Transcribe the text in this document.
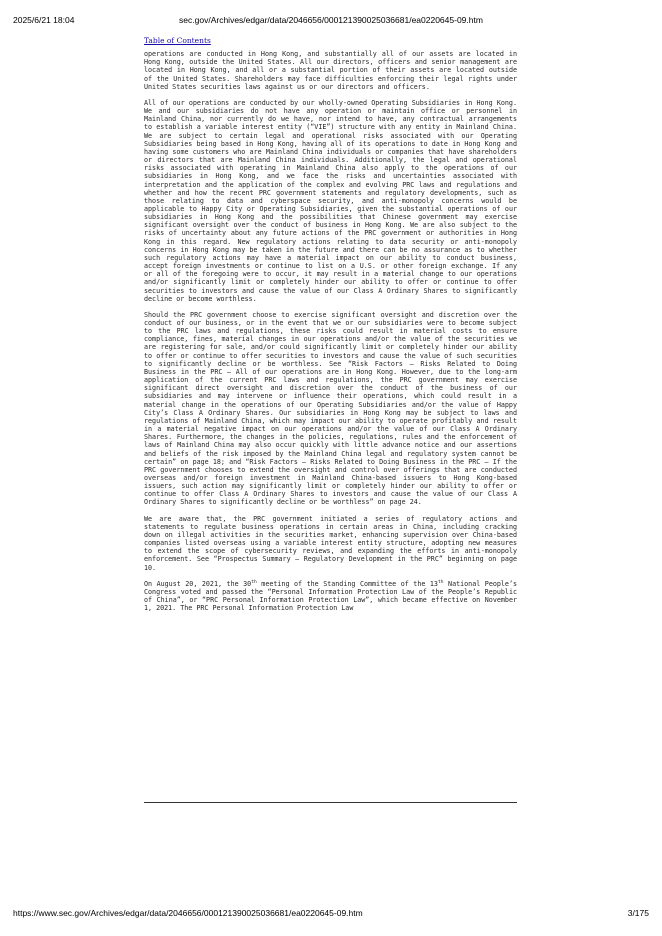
2025/6/21 18:04	sec.gov/Archives/edgar/data/2046656/000121390025036681/ea0220645-09.htm
Table of Contents

operations are conducted in Hong Kong, and substantially all of our assets are located in Hong Kong, outside the United States. All our directors, officers and senior management are located in Hong Kong, and all or a substantial portion of their assets are located outside of the United States. Shareholders may face difficulties enforcing their legal rights under United States securities laws against us or our directors and officers.

All of our operations are conducted by our wholly-owned Operating Subsidiaries in Hong Kong. We and our subsidiaries do not have any operation or maintain office or personnel in Mainland China, nor currently do we have, nor intend to have, any contractual arrangements to establish a variable interest entity (“VIE”) structure with any entity in Mainland China. We are subject to certain legal and operational risks associated with our Operating Subsidiaries being based in Hong Kong, having all of its operations to date in Hong Kong and having some customers who are Mainland China individuals or companies that have shareholders or directors that are Mainland China individuals. Additionally, the legal and operational risks associated with operating in Mainland China also apply to the operations of our subsidiaries in Hong Kong, and we face the risks and uncertainties associated with interpretation and the application of the complex and evolving PRC laws and regulations and whether and how the recent PRC government statements and regulatory developments, such as those relating to data and cyberspace security, and anti-monopoly concerns would be applicable to Happy City or Operating Subsidiaries, given the substantial operations of our subsidiaries in Hong Kong and the possibilities that Chinese government may exercise significant oversight over the conduct of business in Hong Kong. We are also subject to the risks of uncertainty about any future actions of the PRC government or authorities in Hong Kong in this regard. New regulatory actions relating to data security or anti-monopoly concerns in Hong Kong may be taken in the future and there can be no assurance as to whether such regulatory actions may have a material impact on our ability to conduct business, accept foreign investments or continue to list on a U.S. or other foreign exchange. If any or all of the foregoing were to occur, it may result in a material change to our operations and/or significantly limit or completely hinder our ability to offer or continue to offer securities to investors and cause the value of our Class A Ordinary Shares to significantly decline or become worthless.

Should the PRC government choose to exercise significant oversight and discretion over the conduct of our business, or in the event that we or our subsidiaries were to become subject to the PRC laws and regulations, these risks could result in material costs to ensure compliance, fines, material changes in our operations and/or the value of the securities we are registering for sale, and/or could significantly limit or completely hinder our ability to offer or continue to offer securities to investors and cause the value of such securities to significantly decline or be worthless. See “Risk Factors — Risks Related to Doing Business in the PRC — All of our operations are in Hong Kong. However, due to the long-arm application of the current PRC laws and regulations, the PRC government may exercise significant direct oversight and discretion over the conduct of the business of our subsidiaries and may intervene or influence their operations, which could result in a material change in the operations of our Operating Subsidiaries and/or the value of Happy City’s Class A Ordinary Shares. Our subsidiaries in Hong Kong may be subject to laws and regulations of Mainland China, which may impact our ability to operate profitably and result in a material negative impact on our operations and/or the value of our Class A Ordinary Shares. Furthermore, the changes in the policies, regulations, rules and the enforcement of laws of Mainland China may also occur quickly with little advance notice and our assertions and beliefs of the risk imposed by the Mainland China legal and regulatory system cannot be certain” on page 18; and “Risk Factors — Risks Related to Doing Business in the PRC — If the PRC government chooses to extend the oversight and control over offerings that are conducted overseas and/or foreign investment in Mainland China-based issuers to Hong Kong-based issuers, such action may significantly limit or completely hinder our ability to offer or continue to offer Class A Ordinary Shares to investors and cause the value of our Class A Ordinary Shares to significantly decline or be worthless” on page 24.

We are aware that, the PRC government initiated a series of regulatory actions and statements to regulate business operations in certain areas in China, including cracking down on illegal activities in the securities market, enhancing supervision over China-based companies listed overseas using a variable interest entity structure, adopting new measures to extend the scope of cybersecurity reviews, and expanding the efforts in anti-monopoly enforcement. See “Prospectus Summary — Regulatory Development in the PRC” beginning on page 10.

On August 20, 2021, the 30th meeting of the Standing Committee of the 13th National People’s Congress voted and passed the “Personal Information Protection Law of the People’s Republic of China”, or “PRC Personal Information Protection Law”, which became effective on November 1, 2021. The PRC Personal Information Protection Law

https://www.sec.gov/Archives/edgar/data/2046656/000121390025036681/ea0220645-09.htm	3/175
